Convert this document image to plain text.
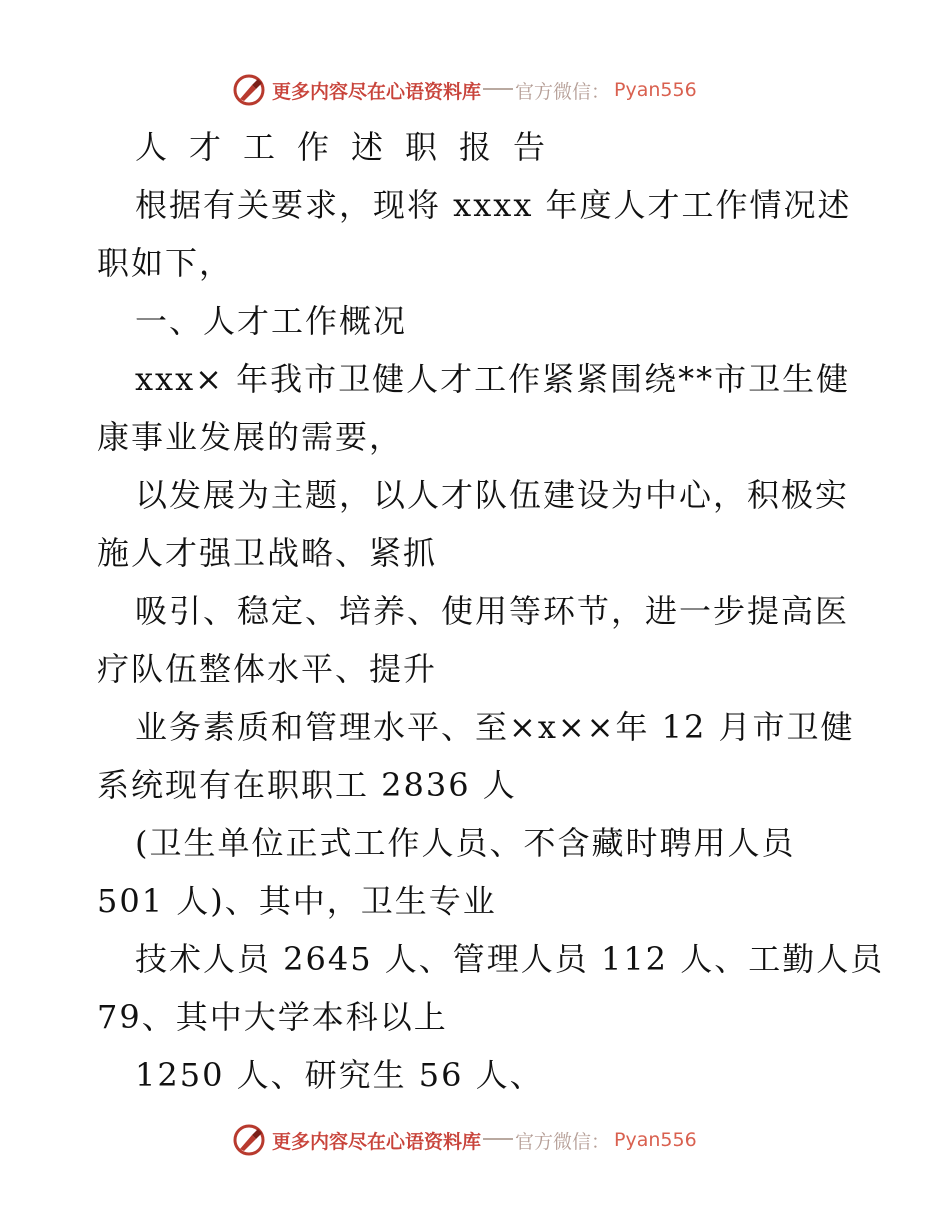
更多内容尽在心语资料库 官方微信： Pyan556
人才工作述职报告

根据有关要求，现将 xxxx 年度人才工作情况述
职如下，

一、人才工作概况

xxx× 年我市卫健人才工作紧紧围绕**市卫生健
康事业发展的需要，

以发展为主题，以人才队伍建设为中心，积极实
施人才强卫战略、紧抓

吸引、稳定、培养、使用等环节，进一步提高医
疗队伍整体水平、提升

业务素质和管理水平、至×x××年 12 月市卫健
系统现有在职职工 2836 人

(卫生单位正式工作人员、不含藏时聘用人员
501 人)、其中，卫生专业

技术人员 2645 人、管理人员 112 人、工勤人员
79、其中大学本科以上

1250 人、研究生 56 人、

更多内容尽在心语资料库 官方微信： Pyan556
